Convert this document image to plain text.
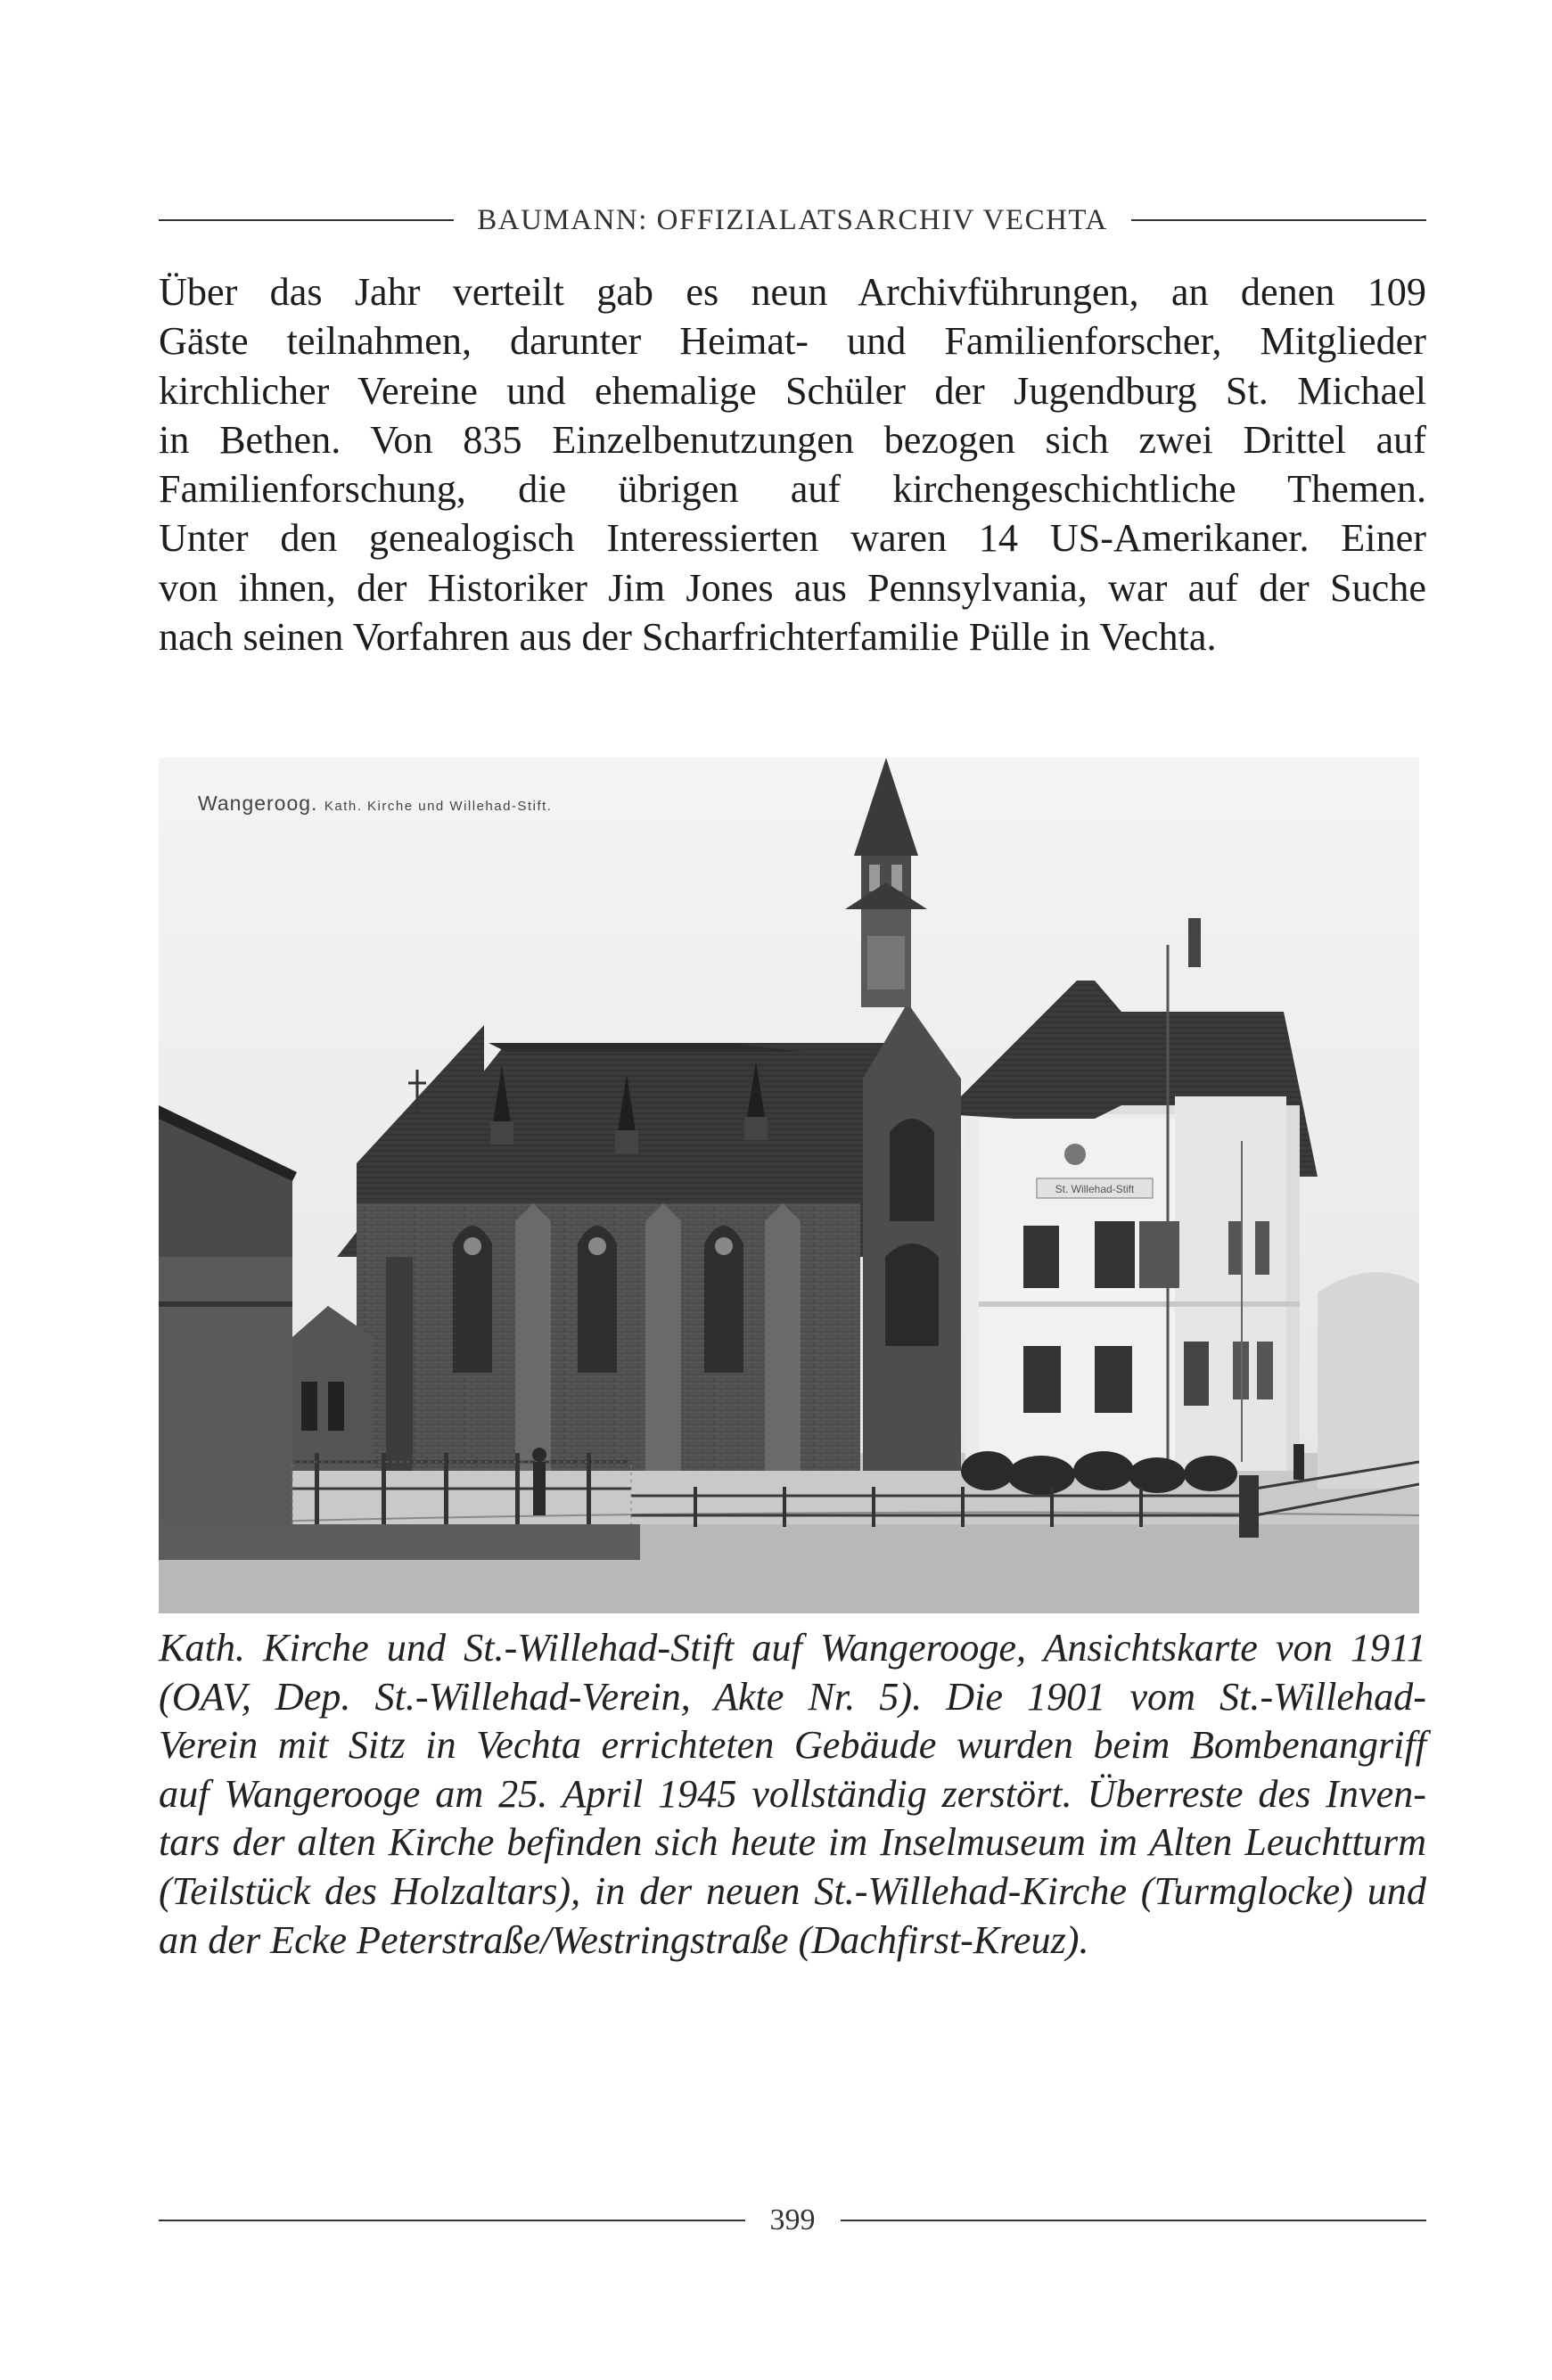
BAUMANN: OFFIZIALATSARCHIV VECHTA
Über das Jahr verteilt gab es neun Archivführungen, an denen 109
Gäste teilnahmen, darunter Heimat- und Familienforscher, Mitglieder
kirchlicher Vereine und ehemalige Schüler der Jugendburg St. Michael
in Bethen. Von 835 Einzelbenutzungen bezogen sich zwei Drittel auf
Familienforschung, die übrigen auf kirchengeschichtliche Themen.
Unter den genealogisch Interessierten waren 14 US-Amerikaner. Einer
von ihnen, der Historiker Jim Jones aus Pennsylvania, war auf der Suche
nach seinen Vorfahren aus der Scharfrichterfamilie Pülle in Vechta.
St. Willehad-Stift
Wangeroog. Kath. Kirche und Willehad-Stift.
Kath. Kirche und St.-Willehad-Stift auf Wangerooge, Ansichtskarte von 1911
(OAV, Dep. St.-Willehad-Verein, Akte Nr. 5). Die 1901 vom St.-Willehad-
Verein mit Sitz in Vechta errichteten Gebäude wurden beim Bombenangriff
auf Wangerooge am 25. April 1945 vollständig zerstört. Überreste des Inven-
tars der alten Kirche befinden sich heute im Inselmuseum im Alten Leuchtturm
(Teilstück des Holzaltars), in der neuen St.-Willehad-Kirche (Turmglocke) und
an der Ecke Peterstraße/Westringstraße (Dachfirst-Kreuz).
399
